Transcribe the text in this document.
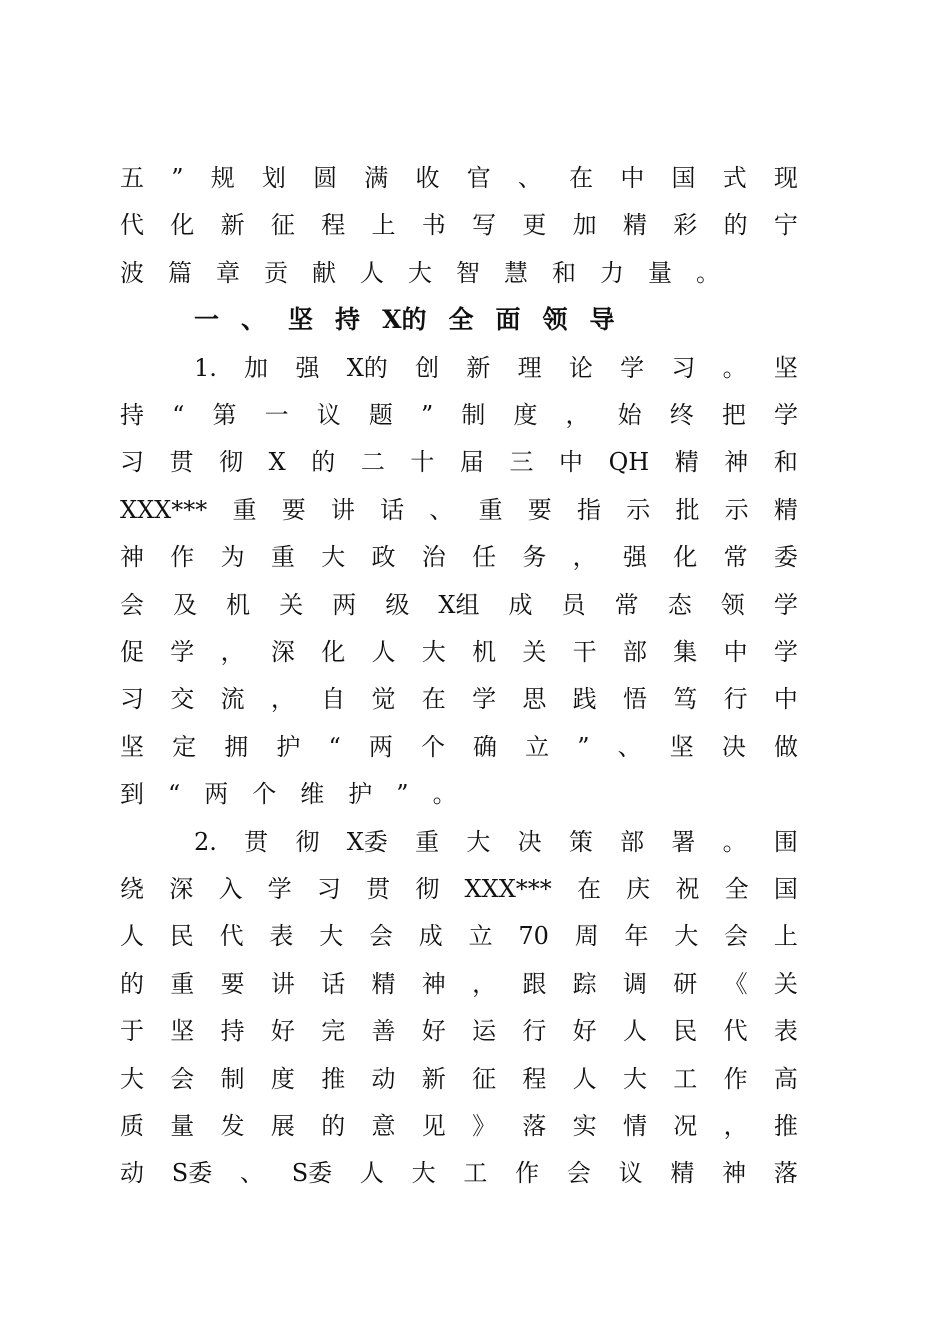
五 ” 规 划 圆 满 收 官 、 在 中 国 式 现
代 化 新 征 程 上 书 写 更 加 精 彩 的 宁
波 篇 章 贡 献 人 大 智 慧 和 力 量 。
一 、 坚 持 X的 全 面 领 导
1. 加 强 X的 创 新 理 论 学 习 。 坚
持 “ 第 一 议 题 ” 制 度 ， 始 终 把 学
习 贯 彻 X 的 二 十 届 三 中 QH 精 神 和
XXX*** 重 要 讲 话 、 重 要 指 示 批 示 精
神 作 为 重 大 政 治 任 务 ， 强 化 常 委
会 及 机 关 两 级 X组 成 员 常 态 领 学
促 学 ， 深 化 人 大 机 关 干 部 集 中 学
习 交 流 ， 自 觉 在 学 思 践 悟 笃 行 中
坚 定 拥 护 “ 两 个 确 立 ” 、 坚 决 做
到 “ 两 个 维 护 ” 。
2. 贯 彻 X委 重 大 决 策 部 署 。 围
绕 深 入 学 习 贯 彻 XXX*** 在 庆 祝 全 国
人 民 代 表 大 会 成 立 70 周 年 大 会 上
的 重 要 讲 话 精 神 ， 跟 踪 调 研 《 关
于 坚 持 好 完 善 好 运 行 好 人 民 代 表
大 会 制 度 推 动 新 征 程 人 大 工 作 高
质 量 发 展 的 意 见 》 落 实 情 况 ， 推
动 S委 、 S委 人 大 工 作 会 议 精 神 落
